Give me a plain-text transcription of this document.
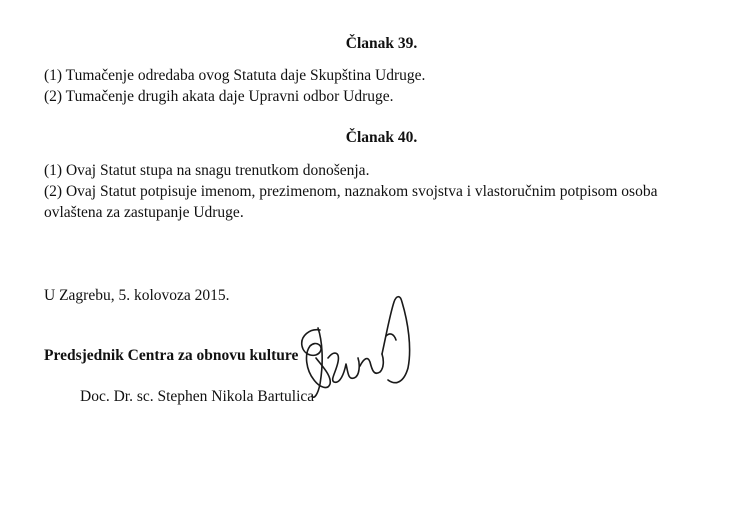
Članak 39.
(1) Tumačenje odredaba ovog Statuta daje Skupština Udruge.
(2) Tumačenje drugih akata daje Upravni odbor Udruge.
Članak 40.
(1) Ovaj Statut stupa na snagu trenutkom donošenja.
(2) Ovaj Statut potpisuje imenom, prezimenom, naznakom svojstva i vlastoručnim potpisom osoba
ovlaštena za zastupanje Udruge.
U Zagrebu, 5. kolovoza 2015.
Predsjednik Centra za obnovu kulture
Doc. Dr. sc. Stephen Nikola Bartulica
